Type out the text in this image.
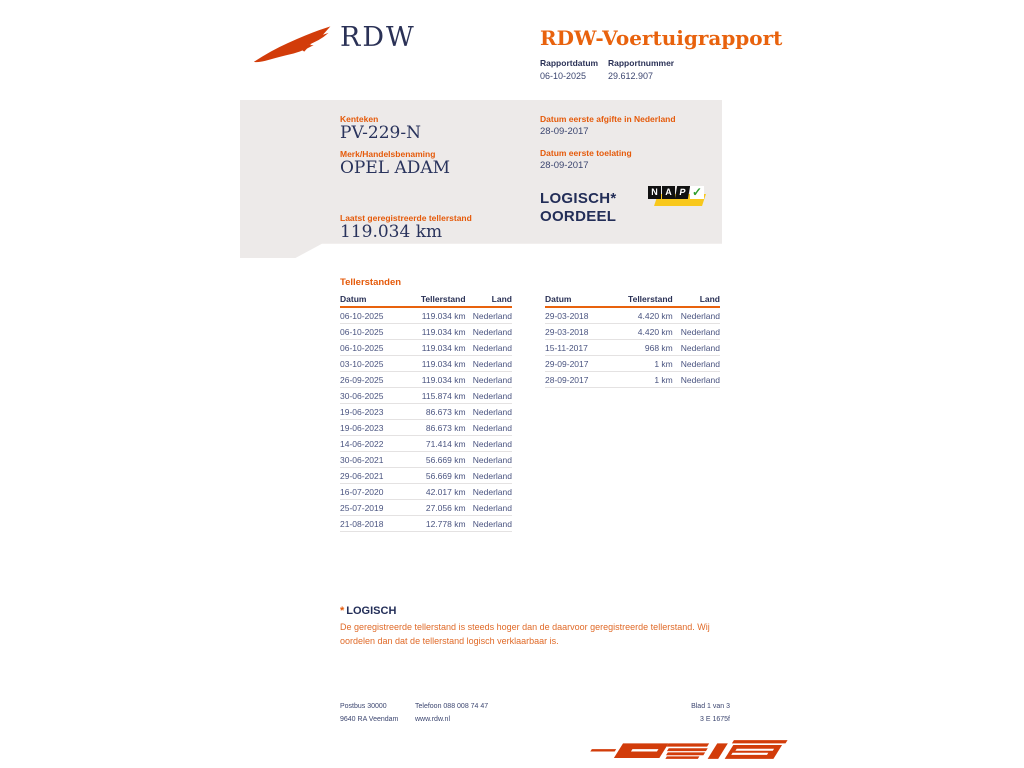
RDW	RDW-Voertuigrapport
Rapportdatum
06-10-2025
Rapportnummer
29.612.907
Kenteken
PV-229-N
Merk/Handelsbenaming
OPEL ADAM
Laatst geregistreerde tellerstand
119.034 km
Datum eerste afgifte in Nederland
28-09-2017
Datum eerste toelating
28-09-2017
LOGISCH*
OORDEEL
N A P ✓
Tellerstanden
Datum	Tellerstand	Land
06-10-2025	119.034 km Nederland
06-10-2025	119.034 km Nederland
06-10-2025	119.034 km Nederland
03-10-2025	119.034 km Nederland
26-09-2025	119.034 km Nederland
30-06-2025	115.874 km Nederland
19-06-2023	86.673 km Nederland
19-06-2023	86.673 km Nederland
14-06-2022	71.414 km Nederland
30-06-2021	56.669 km Nederland
29-06-2021	56.669 km Nederland
16-07-2020	42.017 km Nederland
25-07-2019	27.056 km Nederland
21-08-2018	12.778 km Nederland
Datum	Tellerstand	Land
29-03-2018	4.420 km Nederland
29-03-2018	4.420 km Nederland
15-11-2017	968 km Nederland
29-09-2017	1 km Nederland
28-09-2017	1 km Nederland
* LOGISCH
De geregistreerde tellerstand is steeds hoger dan de daarvoor geregistreerde tellerstand. Wij oordelen dan dat de tellerstand logisch verklaarbaar is.
Postbus 30000
9640 RA Veendam
Telefoon 088 008 74 47
www.rdw.nl
Blad 1 van 3
3 E 1675f
